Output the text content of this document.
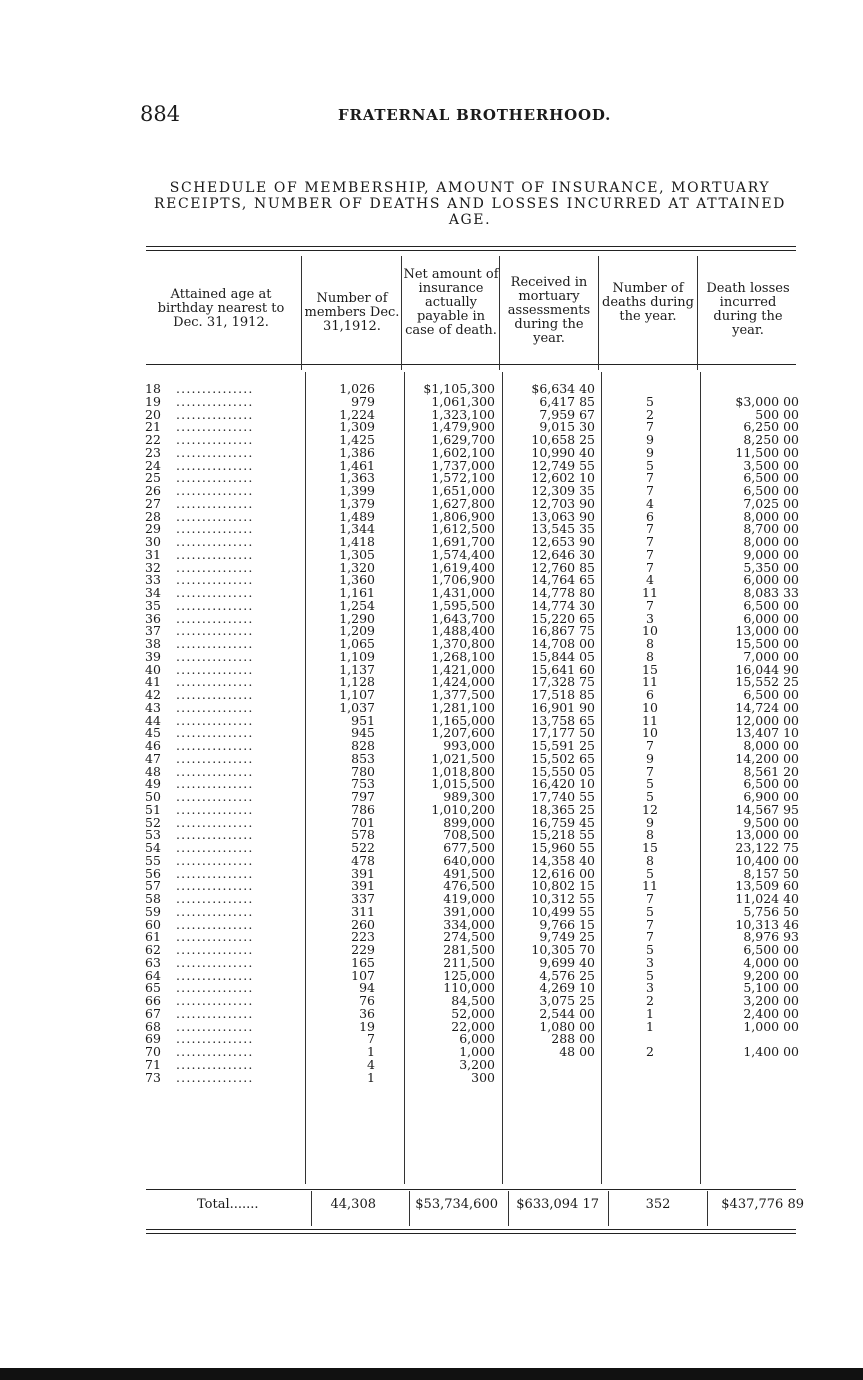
884	FRATERNAL BROTHERHOOD.
SCHEDULE OF MEMBERSHIP, AMOUNT OF INSURANCE, MORTUARY RECEIPTS, NUMBER OF DEATHS AND LOSSES INCURRED AT ATTAINED AGE.
Attained age at birthday nearest to Dec. 31, 1912.
Number of members Dec. 31,1912.
Net amount of insurance actually payable in case of death.
Received in mortuary assessments during the year.
Number of deaths during the year.
Death losses incurred during the year.
...............
18	1,026	$1,105,300	$6,634 40
...............
19	979	1,061,300	6,417 85	5	$3,000 00
...............
20	1,224	1,323,100	7,959 67	2	500 00
...............
21	1,309	1,479,900	9,015 30	7	6,250 00
...............
22	1,425	1,629,700	10,658 25	9	8,250 00
...............
23	1,386	1,602,100	10,990 40	9	11,500 00
...............
24	1,461	1,737,000	12,749 55	5	3,500 00
...............
25	1,363	1,572,100	12,602 10	7	6,500 00
...............
26	1,399	1,651,000	12,309 35	7	6,500 00
...............
27	1,379	1,627,800	12,703 90	4	7,025 00
...............
28	1,489	1,806,900	13,063 90	6	8,000 00
...............
29	1,344	1,612,500	13,545 35	7	8,700 00
...............
30	1,418	1,691,700	12,653 90	7	8,000 00
...............
31	1,305	1,574,400	12,646 30	7	9,000 00
...............
32	1,320	1,619,400	12,760 85	7	5,350 00
...............
33	1,360	1,706,900	14,764 65	4	6,000 00
...............
34	1,161	1,431,000	14,778 80	11	8,083 33
...............
35	1,254	1,595,500	14,774 30	7	6,500 00
...............
36	1,290	1,643,700	15,220 65	3	6,000 00
...............
37	1,209	1,488,400	16,867 75	10	13,000 00
...............
38	1,065	1,370,800	14,708 00	8	15,500 00
...............
39	1,109	1,268,100	15,844 05	8	7,000 00
...............
40	1,137	1,421,000	15,641 60	15	16,044 90
...............
41	1,128	1,424,000	17,328 75	11	15,552 25
...............
42	1,107	1,377,500	17,518 85	6	6,500 00
...............
43	1,037	1,281,100	16,901 90	10	14,724 00
...............
44	951	1,165,000	13,758 65	11	12,000 00
...............
45	945	1,207,600	17,177 50	10	13,407 10
...............
46	828	993,000	15,591 25	7	8,000 00
...............
47	853	1,021,500	15,502 65	9	14,200 00
...............
48	780	1,018,800	15,550 05	7	8,561 20
...............
49	753	1,015,500	16,420 10	5	6,500 00
...............
50	797	989,300	17,740 55	5	6,900 00
...............
51	786	1,010,200	18,365 25	12	14,567 95
...............
52	701	899,000	16,759 45	9	9,500 00
...............
53	578	708,500	15,218 55	8	13,000 00
...............
54	522	677,500	15,960 55	15	23,122 75
...............
55	478	640,000	14,358 40	8	10,400 00
...............
56	391	491,500	12,616 00	5	8,157 50
...............
57	391	476,500	10,802 15	11	13,509 60
...............
58	337	419,000	10,312 55	7	11,024 40
...............
59	311	391,000	10,499 55	5	5,756 50
...............
60	260	334,000	9,766 15	7	10,313 46
...............
61	223	274,500	9,749 25	7	8,976 93
...............
62	229	281,500	10,305 70	5	6,500 00
...............
63	165	211,500	9,699 40	3	4,000 00
...............
64	107	125,000	4,576 25	5	9,200 00
...............
65	94	110,000	4,269 10	3	5,100 00
...............
66	76	84,500	3,075 25	2	3,200 00
...............
67	36	52,000	2,544 00	1	2,400 00
...............
68	19	22,000	1,080 00	1	1,000 00
...............
69	7	6,000	288 00
...............
70	1	1,000	48 00	2	1,400 00
...............
71	4	3,200
...............
73	1	300
Total.......	44,308	$53,734,600	$633,094 17	352	$437,776 89
